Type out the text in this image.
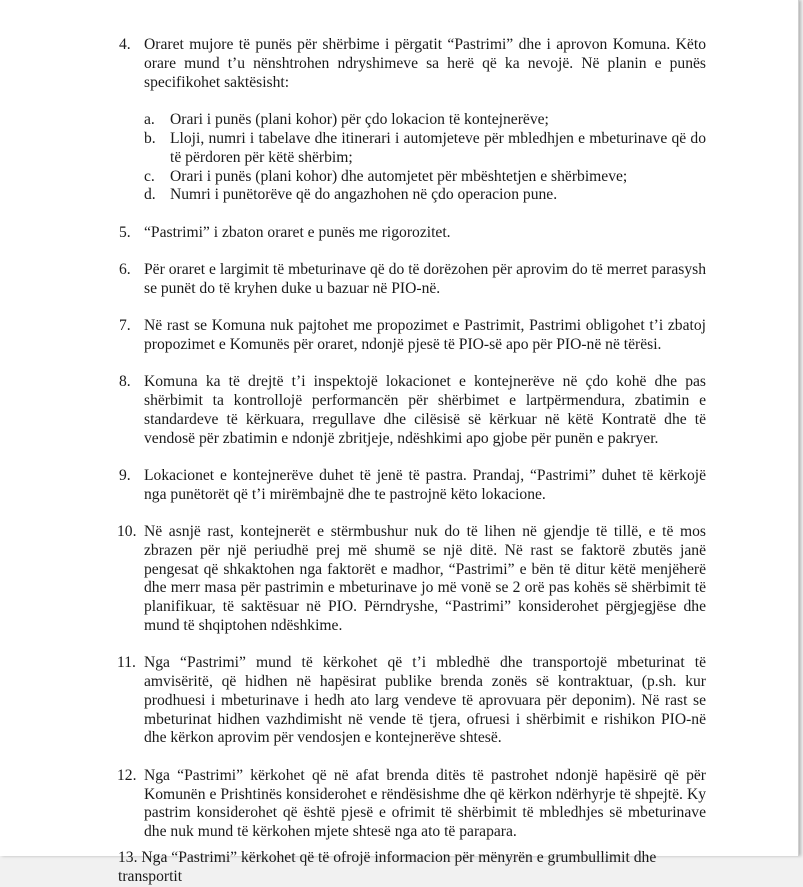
4. Oraret mujore të punës për shërbime i përgatit “Pastrimi” dhe i aprovon Komuna. Këto orare mund t’u nënshtrohen ndryshimeve sa herë që ka nevojë. Në planin e punës specifikohet saktësisht:

a. Orari i punës (plani kohor) për çdo lokacion të kontejnerëve;
b. Lloji, numri i tabelave dhe itinerari i automjeteve për mbledhjen e mbeturinave që do të përdoren për këtë shërbim;
c. Orari i punës (plani kohor) dhe automjetet për mbështetjen e shërbimeve;
d. Numri i punëtorëve që do angazhohen në çdo operacion pune.
5. “Pastrimi” i zbaton oraret e punës me rigorozitet.

6. Për oraret e largimit të mbeturinave që do të dorëzohen për aprovim do të merret parasysh se punët do të kryhen duke u bazuar në PIO-në.

7. Në rast se Komuna nuk pajtohet me propozimet e Pastrimit, Pastrimi obligohet t’i zbatoj propozimet e Komunës për oraret, ndonjë pjesë të PIO-së apo për PIO-në në tërësi.

8. Komuna ka të drejtë t’i inspektojë lokacionet e kontejnerëve në çdo kohë dhe pas shërbimit ta kontrollojë performancën për shërbimet e lartpërmendura, zbatimin e standardeve të kërkuara, rregullave dhe cilësisë së kërkuar në këtë Kontratë dhe të vendosë për zbatimin e ndonjë zbritjeje, ndëshkimi apo gjobe për punën e pakryer.

9. Lokacionet e kontejnerëve duhet të jenë të pastra. Prandaj, “Pastrimi” duhet të kërkojë nga punëtorët që t’i mirëmbajnë dhe te pastrojnë këto lokacione.

10. Në asnjë rast, kontejnerët e stërmbushur nuk do të lihen në gjendje të tillë, e të mos zbrazen për një periudhë prej më shumë se një ditë. Në rast se faktorë zbutës janë pengesat që shkaktohen nga faktorët e madhor, “Pastrimi” e bën të ditur këtë menjëherë dhe merr masa për pastrimin e mbeturinave jo më vonë se 2 orë pas kohës së shërbimit të planifikuar, të saktësuar në PIO. Përndryshe, “Pastrimi” konsiderohet përgjegjëse dhe mund të shqiptohen ndëshkime.

11. Nga “Pastrimi” mund të kërkohet që t’i mbledhë dhe transportojë mbeturinat të amvisëritë, që hidhen në hapësirat publike brenda zonës së kontraktuar, (p.sh. kur prodhuesi i mbeturinave i hedh ato larg vendeve të aprovuara për deponim). Në rast se mbeturinat hidhen vazhdimisht në vende të tjera, ofruesi i shërbimit e rishikon PIO-në dhe kërkon aprovim për vendosjen e kontejnerëve shtesë.

12. Nga “Pastrimi” kërkohet që në afat brenda ditës të pastrohet ndonjë hapësirë që për Komunën e Prishtinës konsiderohet e rëndësishme dhe që kërkon ndërhyrje të shpejtë. Ky pastrim konsiderohet që është pjesë e ofrimit të shërbimit të mbledhjes së mbeturinave dhe nuk mund të kërkohen mjete shtesë nga ato të parapara.

13. Nga “Pastrimi” kërkohet që të ofrojë informacion për mënyrën e grumbullimit dhe transportit
